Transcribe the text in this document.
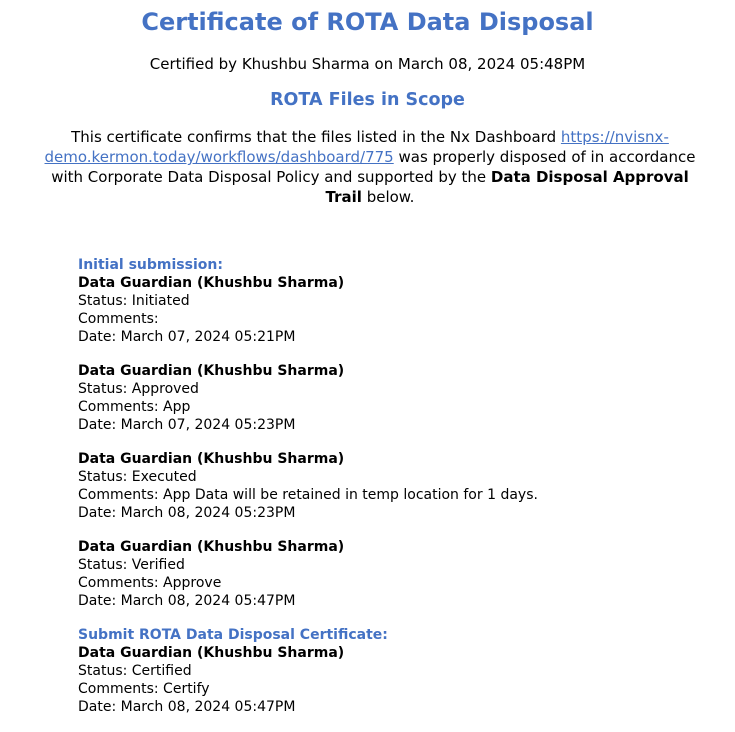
Certificate of ROTA Data Disposal

Certified by Khushbu Sharma on March 08, 2024 05:48PM

ROTA Files in Scope

This certificate confirms that the files listed in the Nx Dashboard https://nvisnx-demo.kermon.today/workflows/dashboard/775 was properly disposed of in accordance with Corporate Data Disposal Policy and supported by the Data Disposal Approval Trail below.

Initial submission:
Data Guardian (Khushbu Sharma)
Status: Initiated
Comments:
Date: March 07, 2024 05:21PM
Data Guardian (Khushbu Sharma)
Status: Approved
Comments: App
Date: March 07, 2024 05:23PM
Data Guardian (Khushbu Sharma)
Status: Executed
Comments: App Data will be retained in temp location for 1 days.
Date: March 08, 2024 05:23PM
Data Guardian (Khushbu Sharma)
Status: Verified
Comments: Approve
Date: March 08, 2024 05:47PM
Submit ROTA Data Disposal Certificate:
Data Guardian (Khushbu Sharma)
Status: Certified
Comments: Certify
Date: March 08, 2024 05:47PM
